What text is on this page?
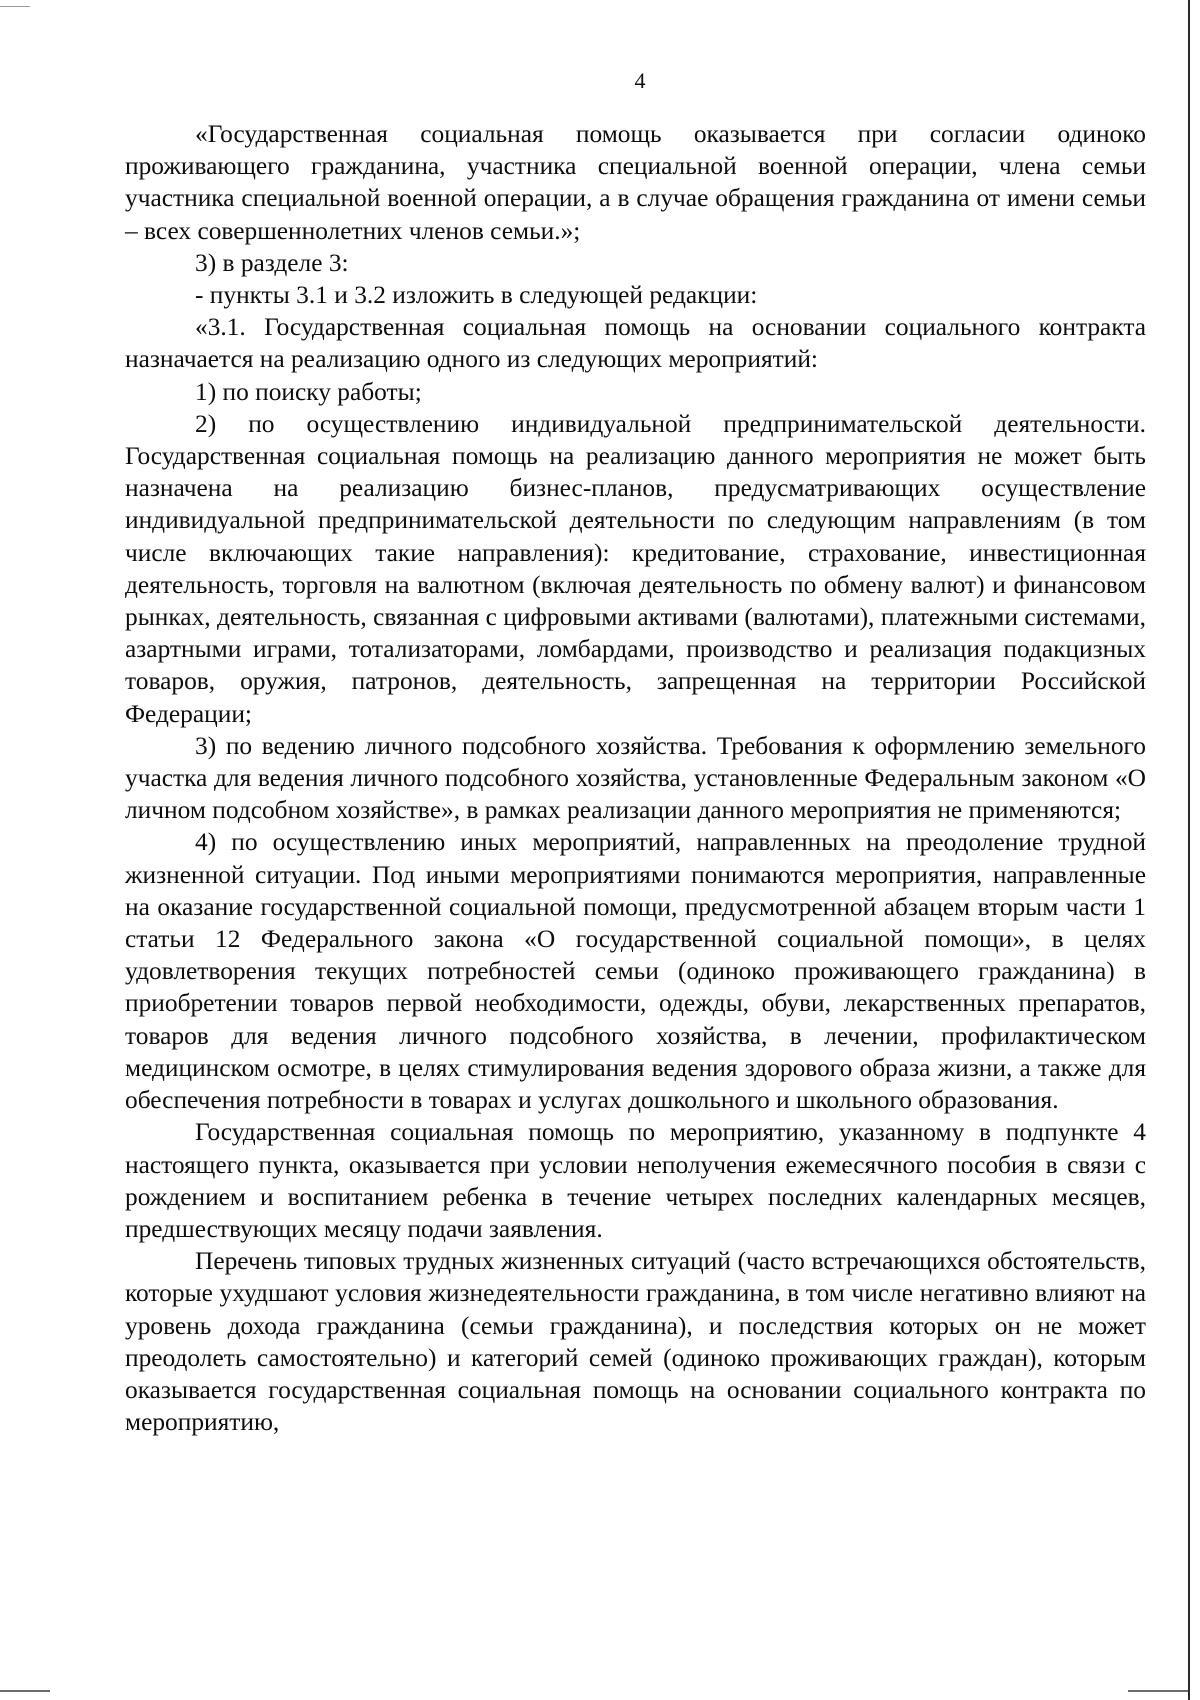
4

«Государственная социальная помощь оказывается при согласии одиноко проживающего гражданина, участника специальной военной операции, члена семьи участника специальной военной операции, а в случае обращения гражданина от имени семьи – всех совершеннолетних членов семьи.»;

3) в разделе 3:

- пункты 3.1 и 3.2 изложить в следующей редакции:

«3.1. Государственная социальная помощь на основании социального контракта назначается на реализацию одного из следующих мероприятий:

1) по поиску работы;

2) по осуществлению индивидуальной предпринимательской деятельности. Государственная социальная помощь на реализацию данного мероприятия не может быть назначена на реализацию бизнес-планов, предусматривающих осуществление индивидуальной предпринимательской деятельности по следующим направлениям (в том числе включающих такие направления): кредитование, страхование, инвестиционная деятельность, торговля на валютном (включая деятельность по обмену валют) и финансовом рынках, деятельность, связанная с цифровыми активами (валютами), платежными системами, азартными играми, тотализаторами, ломбардами, производство и реализация подакцизных товаров, оружия, патронов, деятельность, запрещенная на территории Российской Федерации;

3) по ведению личного подсобного хозяйства. Требования к оформлению земельного участка для ведения личного подсобного хозяйства, установленные Федеральным законом «О личном подсобном хозяйстве», в рамках реализации данного мероприятия не применяются;

4) по осуществлению иных мероприятий, направленных на преодоление трудной жизненной ситуации. Под иными мероприятиями понимаются мероприятия, направленные на оказание государственной социальной помощи, предусмотренной абзацем вторым части 1 статьи 12 Федерального закона «О государственной социальной помощи», в целях удовлетворения текущих потребностей семьи (одиноко проживающего гражданина) в приобретении товаров первой необходимости, одежды, обуви, лекарственных препаратов, товаров для ведения личного подсобного хозяйства, в лечении, профилактическом медицинском осмотре, в целях стимулирования ведения здорового образа жизни, а также для обеспечения потребности в товарах и услугах дошкольного и школьного образования.

Государственная социальная помощь по мероприятию, указанному в подпункте 4 настоящего пункта, оказывается при условии неполучения ежемесячного пособия в связи с рождением и воспитанием ребенка в течение четырех последних календарных месяцев, предшествующих месяцу подачи заявления.

Перечень типовых трудных жизненных ситуаций (часто встречающихся обстоятельств, которые ухудшают условия жизнедеятельности гражданина, в том числе негативно влияют на уровень дохода гражданина (семьи гражданина), и последствия которых он не может преодолеть самостоятельно) и категорий семей (одиноко проживающих граждан), которым оказывается государственная социальная помощь на основании социального контракта по мероприятию,
